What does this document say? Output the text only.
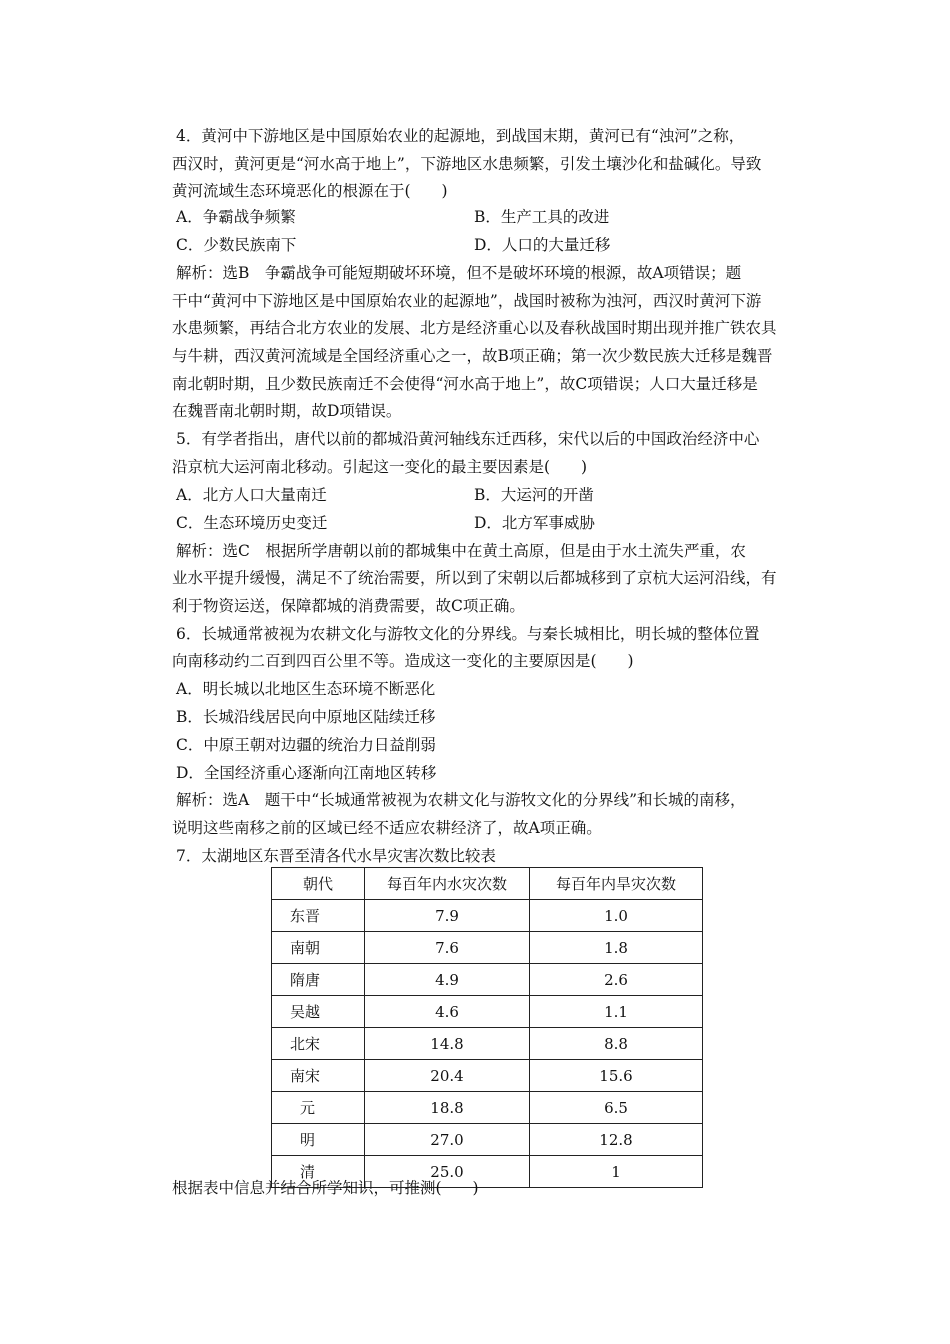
4．黄河中下游地区是中国原始农业的起源地，到战国末期，黄河已有“浊河”之称，
西汉时，黄河更是“河水高于地上”，下游地区水患频繁，引发土壤沙化和盐碱化。导致
黄河流域生态环境恶化的根源在于(　　)
A．争霸战争频繁	B．生产工具的改进
C．少数民族南下	D．人口的大量迁移
解析：选B　争霸战争可能短期破坏环境，但不是破坏环境的根源，故A项错误；题
干中“黄河中下游地区是中国原始农业的起源地”，战国时被称为浊河，西汉时黄河下游
水患频繁，再结合北方农业的发展、北方是经济重心以及春秋战国时期出现并推广铁农具
与牛耕，西汉黄河流域是全国经济重心之一，故B项正确；第一次少数民族大迁移是魏晋
南北朝时期，且少数民族南迁不会使得“河水高于地上”，故C项错误；人口大量迁移是
在魏晋南北朝时期，故D项错误。
5．有学者指出，唐代以前的都城沿黄河轴线东迁西移，宋代以后的中国政治经济中心
沿京杭大运河南北移动。引起这一变化的最主要因素是(　　)
A．北方人口大量南迁	B．大运河的开凿
C．生态环境历史变迁	D．北方军事威胁
解析：选C　根据所学唐朝以前的都城集中在黄土高原，但是由于水土流失严重，农
业水平提升缓慢，满足不了统治需要，所以到了宋朝以后都城移到了京杭大运河沿线，有
利于物资运送，保障都城的消费需要，故C项正确。
6．长城通常被视为农耕文化与游牧文化的分界线。与秦长城相比，明长城的整体位置
向南移动约二百到四百公里不等。造成这一变化的主要原因是(　　)
A．明长城以北地区生态环境不断恶化
B．长城沿线居民向中原地区陆续迁移
C．中原王朝对边疆的统治力日益削弱
D．全国经济重心逐渐向江南地区转移
解析：选A　题干中“长城通常被视为农耕文化与游牧文化的分界线”和长城的南移，
说明这些南移之前的区域已经不适应农耕经济了，故A项正确。
7．太湖地区东晋至清各代水旱灾害次数比较表
朝代	每百年内水灾次数	每百年内旱灾次数
东晋	7.9	1.0
南朝	7.6	1.8
隋唐	4.9	2.6
吴越	4.6	1.1
北宋	14.8	8.8
南宋	20.4	15.6
元	18.8	6.5
明	27.0	12.8
清	25.0	1
根据表中信息并结合所学知识，可推测(　　)
